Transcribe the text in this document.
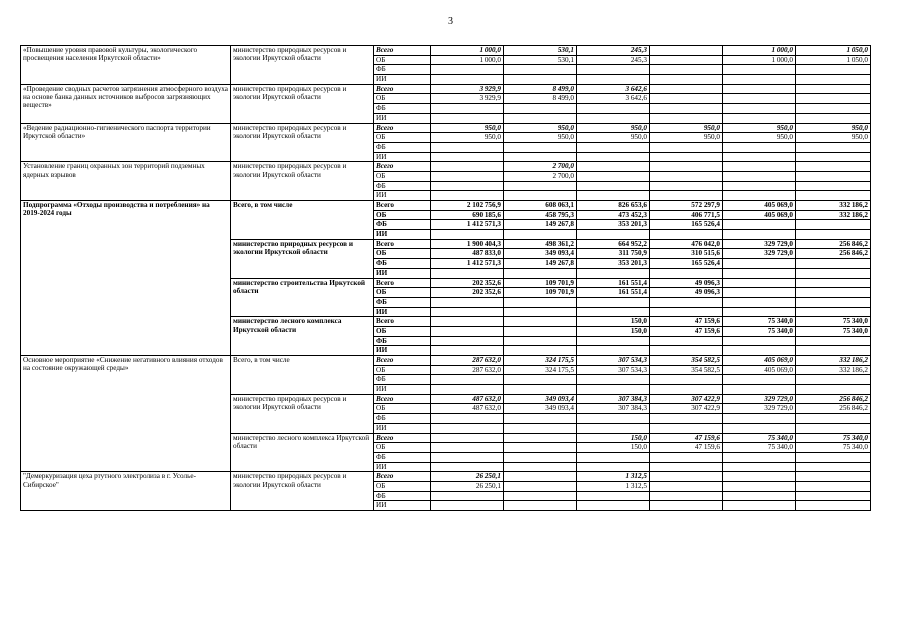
3
«Повышение уровня правовой культуры, экологического просвещения населения Иркутской области»	министерство природных ресурсов и экологии Иркутской области	Всего	1 000,0	530,1	245,3		1 000,0	1 050,0
		ОБ	1 000,0	530,1	245,3		1 000,0	1 050,0
		ФБ						
		ИИ						
«Проведение сводных расчетов загрязнения атмосферного воздуха на основе банка данных источников выбросов загрязняющих веществ»	министерство природных ресурсов и экологии Иркутской области	Всего	3 929,9	8 499,0	3 642,6			
		ОБ	3 929,9	8 499,0	3 642,6			
		ФБ						
		ИИ						
«Ведение радиационно-гигиенического паспорта территории Иркутской области»	министерство природных ресурсов и экологии Иркутской области	Всего	950,0	950,0	950,0	950,0	950,0	950,0
		ОБ	950,0	950,0	950,0	950,0	950,0	950,0
		ФБ						
		ИИ						
Установление границ охранных зон территорий подземных ядерных взрывов	министерство природных ресурсов и экологии Иркутской области	Всего		2 700,0				
		ОБ		2 700,0				
		ФБ						
		ИИ						
Подпрограмма «Отходы производства и потребления» на 2019-2024 годы	Всего, в том числе	Всего	2 102 756,9	608 063,1	826 653,6	572 297,9	405 069,0	332 186,2
		ОБ	690 185,6	458 795,3	473 452,3	406 771,5	405 069,0	332 186,2
		ФБ	1 412 571,3	149 267,8	353 201,3	165 526,4		
		ИИ						
	министерство природных ресурсов и экологии Иркутской области	Всего	1 900 404,3	498 361,2	664 952,2	476 042,0	329 729,0	256 846,2
		ОБ	487 833,0	349 093,4	311 750,9	310 515,6	329 729,0	256 846,2
		ФБ	1 412 571,3	149 267,8	353 201,3	165 526,4		
		ИИ						
	министерство строительства Иркутской области	Всего	202 352,6	109 701,9	161 551,4	49 096,3		
		ОБ	202 352,6	109 701,9	161 551,4	49 096,3		
		ФБ						
		ИИ						
	министерство лесного комплекса Иркутской области	Всего			150,0	47 159,6	75 340,0	75 340,0
		ОБ			150,0	47 159,6	75 340,0	75 340,0
		ФБ						
		ИИ						
Основное мероприятие «Снижение негативного влияния отходов на состояние окружающей среды»	Всего, в том числе	Всего	287 632,0	324 175,5	307 534,3	354 582,5	405 069,0	332 186,2
		ОБ	287 632,0	324 175,5	307 534,3	354 582,5	405 069,0	332 186,2
		ФБ						
		ИИ						
	министерство природных ресурсов и экологии Иркутской области	Всего	487 632,0	349 093,4	307 384,3	307 422,9	329 729,0	256 846,2
		ОБ	487 632,0	349 093,4	307 384,3	307 422,9	329 729,0	256 846,2
		ФБ						
		ИИ						
	министерство лесного комплекса Иркутской области	Всего			150,0	47 159,6	75 340,0	75 340,0
		ОБ			150,0	47 159,6	75 340,0	75 340,0
		ФБ						
		ИИ						
"Демеркуризация цеха ртутного электролиза в г. Усолье-Сибирское"	министерство природных ресурсов и экологии Иркутской области	Всего	26 250,1		1 312,5			
		ОБ	26 250,1		1 312,5			
		ФБ						
		ИИ						
